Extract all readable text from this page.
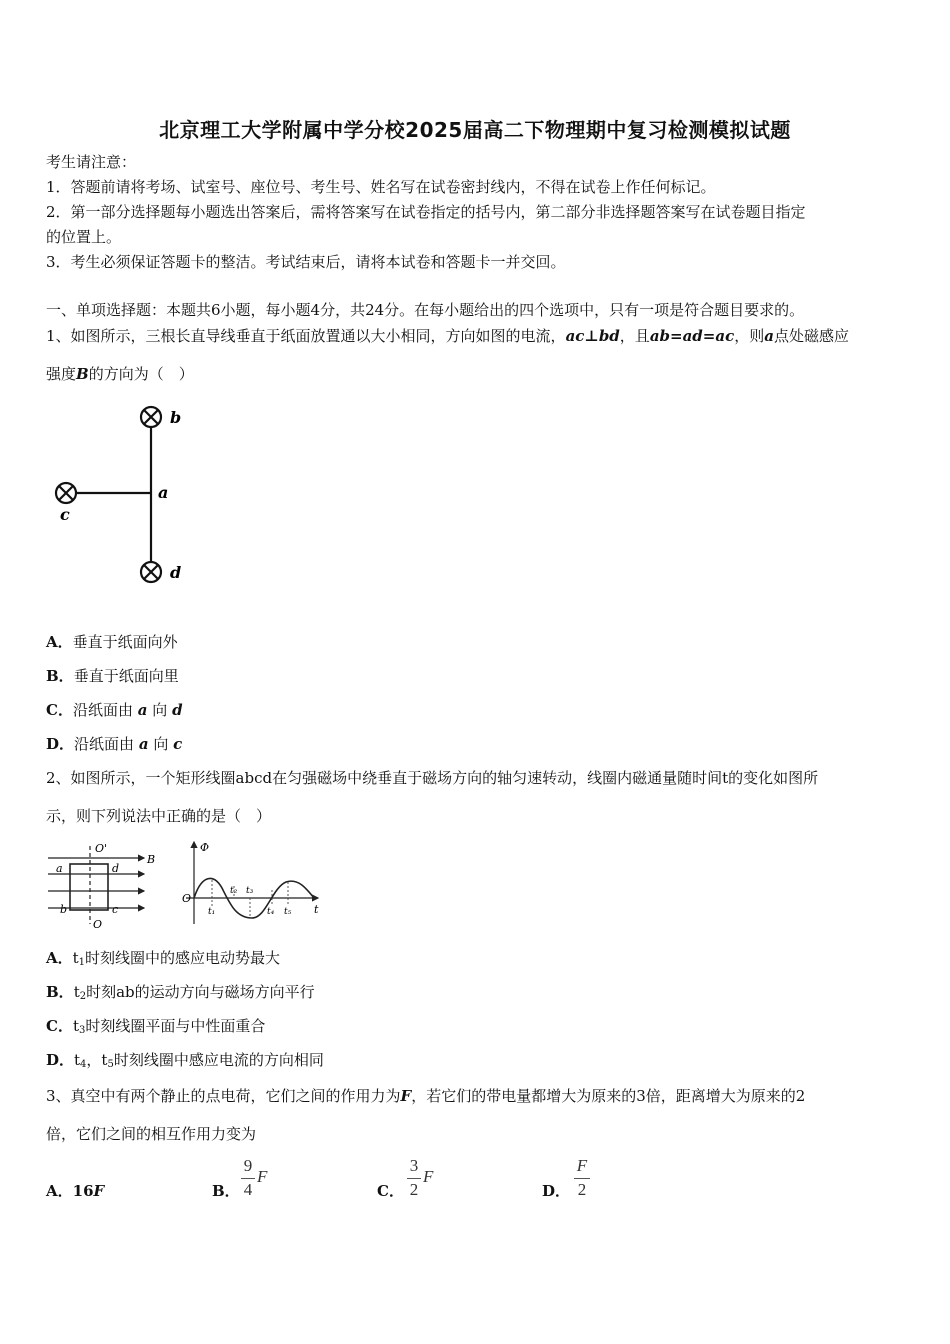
北京理工大学附属中学分校2025届高二下物理期中复习检测模拟试题
考生请注意：
1．答题前请将考场、试室号、座位号、考生号、姓名写在试卷密封线内，不得在试卷上作任何标记。
2．第一部分选择题每小题选出答案后，需将答案写在试卷指定的括号内，第二部分非选择题答案写在试卷题目指定
的位置上。
3．考生必须保证答题卡的整洁。考试结束后，请将本试卷和答题卡一并交回。
一、单项选择题：本题共6小题，每小题4分，共24分。在每小题给出的四个选项中，只有一项是符合题目要求的。
1、如图所示，三根长直导线垂直于纸面放置通以大小相同，方向如图的电流，ac⊥bd，且ab=ad=ac，则a点处磁感应
强度B的方向为（　）
b
a
c
d
A．垂直于纸面向外
B．垂直于纸面向里
C．沿纸面由 a 向 d
D．沿纸面由 a 向 c
2、如图所示，一个矩形线圈abcd在匀强磁场中绕垂直于磁场方向的轴匀速转动，线圈内磁通量随时间t的变化如图所
示，则下列说法中正确的是（　）
O'
a	d
B
b	c
O
Φ
O
t
t₁
t₂ t₃
t₄ t₅
A．$t_1$时刻线圈中的感应电动势最大
B．$t_2$时刻ab的运动方向与磁场方向平行
C．$t_3$时刻线圈平面与中性面重合
D．$t_4$，$t_5$时刻线圈中感应电流的方向相同
3、真空中有两个静止的点电荷，它们之间的作用力为F，若它们的带电量都增大为原来的3倍，距离增大为原来的2
倍，它们之间的相互作用力变为
A．16F	B．
9
4
F
C．
3
2
F
D．
F
2
